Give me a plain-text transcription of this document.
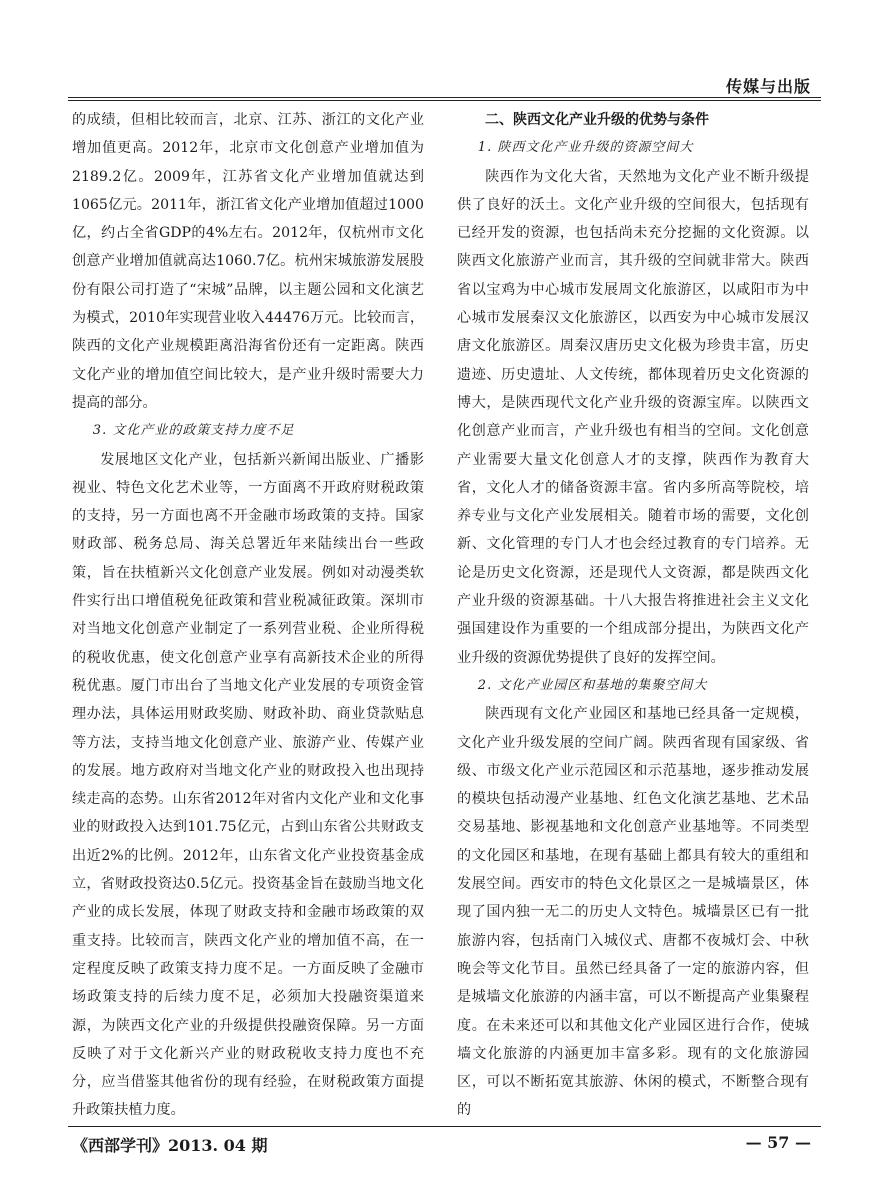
传媒与出版

的成绩，但相比较而言，北京、江苏、浙江的文化产业增加值更高。2012年，北京市文化创意产业增加值为2189.2亿。2009年，江苏省文化产业增加值就达到1065亿元。2011年，浙江省文化产业增加值超过1000亿，约占全省GDP的4%左右。2012年，仅杭州市文化创意产业增加值就高达1060.7亿。杭州宋城旅游发展股份有限公司打造了“宋城”品牌，以主题公园和文化演艺为模式，2010年实现营业收入44476万元。比较而言，陕西的文化产业规模距离沿海省份还有一定距离。陕西文化产业的增加值空间比较大，是产业升级时需要大力提高的部分。

3. 文化产业的政策支持力度不足

发展地区文化产业，包括新兴新闻出版业、广播影视业、特色文化艺术业等，一方面离不开政府财税政策的支持，另一方面也离不开金融市场政策的支持。国家财政部、税务总局、海关总署近年来陆续出台一些政策，旨在扶植新兴文化创意产业发展。例如对动漫类软件实行出口增值税免征政策和营业税减征政策。深圳市对当地文化创意产业制定了一系列营业税、企业所得税的税收优惠，使文化创意产业享有高新技术企业的所得税优惠。厦门市出台了当地文化产业发展的专项资金管理办法，具体运用财政奖励、财政补助、商业贷款贴息等方法，支持当地文化创意产业、旅游产业、传媒产业的发展。地方政府对当地文化产业的财政投入也出现持续走高的态势。山东省2012年对省内文化产业和文化事业的财政投入达到101.75亿元，占到山东省公共财政支出近2%的比例。2012年，山东省文化产业投资基金成立，省财政投资达0.5亿元。投资基金旨在鼓励当地文化产业的成长发展，体现了财政支持和金融市场政策的双重支持。比较而言，陕西文化产业的增加值不高，在一定程度反映了政策支持力度不足。一方面反映了金融市场政策支持的后续力度不足，必须加大投融资渠道来源，为陕西文化产业的升级提供投融资保障。另一方面反映了对于文化新兴产业的财政税收支持力度也不充分，应当借鉴其他省份的现有经验，在财税政策方面提升政策扶植力度。

二、陕西文化产业升级的优势与条件

1. 陕西文化产业升级的资源空间大

陕西作为文化大省，天然地为文化产业不断升级提供了良好的沃土。文化产业升级的空间很大，包括现有已经开发的资源，也包括尚未充分挖掘的文化资源。以陕西文化旅游产业而言，其升级的空间就非常大。陕西省以宝鸡为中心城市发展周文化旅游区，以咸阳市为中心城市发展秦汉文化旅游区，以西安为中心城市发展汉唐文化旅游区。周秦汉唐历史文化极为珍贵丰富，历史遗迹、历史遗址、人文传统，都体现着历史文化资源的博大，是陕西现代文化产业升级的资源宝库。以陕西文化创意产业而言，产业升级也有相当的空间。文化创意产业需要大量文化创意人才的支撑，陕西作为教育大省，文化人才的储备资源丰富。省内多所高等院校，培养专业与文化产业发展相关。随着市场的需要，文化创新、文化管理的专门人才也会经过教育的专门培养。无论是历史文化资源，还是现代人文资源，都是陕西文化产业升级的资源基础。十八大报告将推进社会主义文化强国建设作为重要的一个组成部分提出，为陕西文化产业升级的资源优势提供了良好的发挥空间。

2. 文化产业园区和基地的集聚空间大

陕西现有文化产业园区和基地已经具备一定规模，文化产业升级发展的空间广阔。陕西省现有国家级、省级、市级文化产业示范园区和示范基地，逐步推动发展的模块包括动漫产业基地、红色文化演艺基地、艺术品交易基地、影视基地和文化创意产业基地等。不同类型的文化园区和基地，在现有基础上都具有较大的重组和发展空间。西安市的特色文化景区之一是城墙景区，体现了国内独一无二的历史人文特色。城墙景区已有一批旅游内容，包括南门入城仪式、唐都不夜城灯会、中秋晚会等文化节目。虽然已经具备了一定的旅游内容，但是城墙文化旅游的内涵丰富，可以不断提高产业集聚程度。在未来还可以和其他文化产业园区进行合作，使城墙文化旅游的内涵更加丰富多彩。现有的文化旅游园区，可以不断拓宽其旅游、休闲的模式，不断整合现有的

《西部学刊》2013. 04 期	— 57 —
